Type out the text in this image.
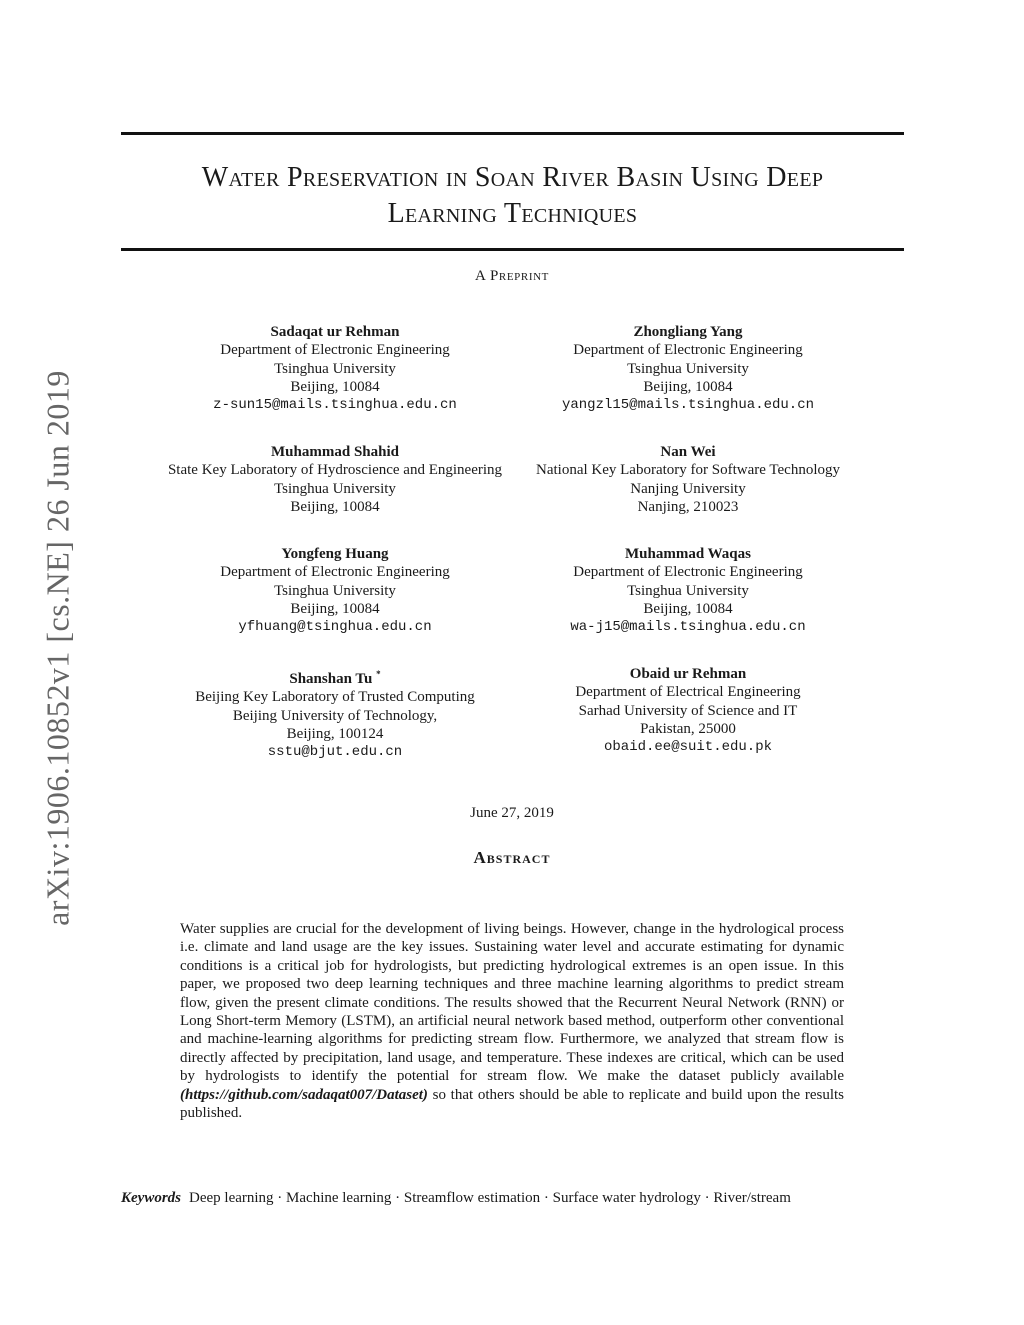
Water Preservation in Soan River Basin Using Deep
Learning Techniques
A Preprint
arXiv:1906.10852v1 [cs.NE] 26 Jun 2019
Sadaqat ur Rehman
Department of Electronic Engineering
Tsinghua University
Beijing, 10084
z-sun15@mails.tsinghua.edu.cn
Zhongliang Yang
Department of Electronic Engineering
Tsinghua University
Beijing, 10084
yangzl15@mails.tsinghua.edu.cn
Muhammad Shahid
State Key Laboratory of Hydroscience and Engineering
Tsinghua University
Beijing, 10084
Nan Wei
National Key Laboratory for Software Technology
Nanjing University
Nanjing, 210023
Yongfeng Huang
Department of Electronic Engineering
Tsinghua University
Beijing, 10084
yfhuang@tsinghua.edu.cn
Muhammad Waqas
Department of Electronic Engineering
Tsinghua University
Beijing, 10084
wa-j15@mails.tsinghua.edu.cn
Shanshan Tu *
Beijing Key Laboratory of Trusted Computing
Beijing University of Technology,
Beijing, 100124
sstu@bjut.edu.cn
Obaid ur Rehman
Department of Electrical Engineering
Sarhad University of Science and IT
Pakistan, 25000
obaid.ee@suit.edu.pk
June 27, 2019
Abstract
Water supplies are crucial for the development of living beings. However, change in the hydrological process i.e. climate and land usage are the key issues. Sustaining water level and accurate estimating for dynamic conditions is a critical job for hydrologists, but predicting hydrological extremes is an open issue. In this paper, we proposed two deep learning techniques and three machine learning algorithms to predict stream flow, given the present climate conditions. The results showed that the Recurrent Neural Network (RNN) or Long Short-term Memory (LSTM), an artificial neural network based method, outperform other conventional and machine-learning algorithms for predicting stream flow. Furthermore, we analyzed that stream flow is directly affected by precipitation, land usage, and temperature. These indexes are critical, which can be used by hydrologists to identify the potential for stream flow. We make the dataset publicly available (https://github.com/sadaqat007/Dataset) so that others should be able to replicate and build upon the results published.
Keywords Deep learning · Machine learning · Streamflow estimation · Surface water hydrology · River/stream
